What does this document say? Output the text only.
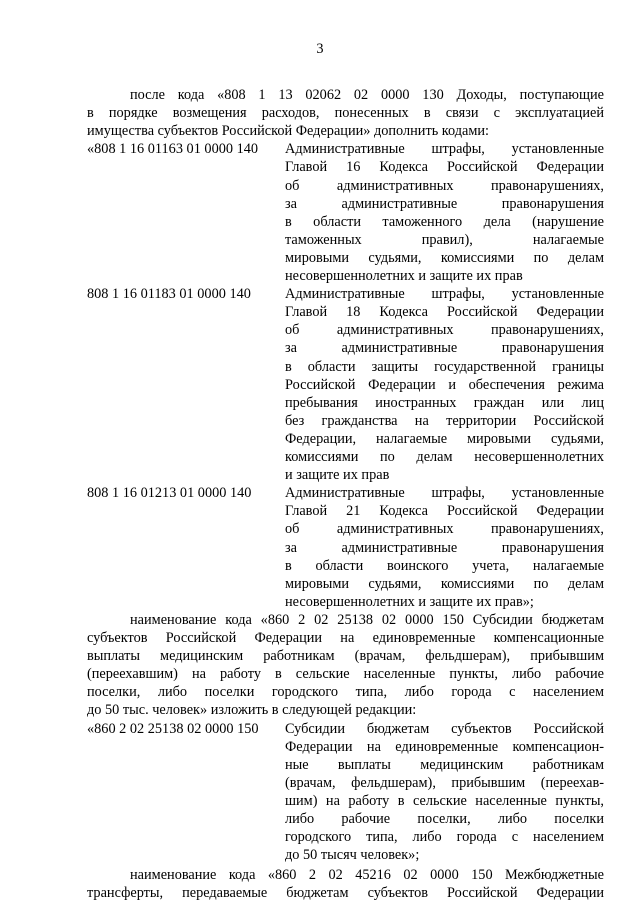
3
после кода «808 1 13 02062 02 0000 130 Доходы, поступающие
в порядке возмещения расходов, понесенных в связи с эксплуатацией
имущества субъектов Российской Федерации» дополнить кодами:
«808 1 16 01163 01 0000 140	Административные штрафы, установленные
Главой 16 Кодекса Российской Федерации
об административных правонарушениях,
за административные правонарушения
в области таможенного дела (нарушение
таможенных правил), налагаемые
мировыми судьями, комиссиями по делам
несовершеннолетних и защите их прав
808 1 16 01183 01 0000 140	Административные штрафы, установленные
Главой 18 Кодекса Российской Федерации
об административных правонарушениях,
за административные правонарушения
в области защиты государственной границы
Российской Федерации и обеспечения режима
пребывания иностранных граждан или лиц
без гражданства на территории Российской
Федерации, налагаемые мировыми судьями,
комиссиями по делам несовершеннолетних
и защите их прав
808 1 16 01213 01 0000 140	Административные штрафы, установленные
Главой 21 Кодекса Российской Федерации
об административных правонарушениях,
за административные правонарушения
в области воинского учета, налагаемые
мировыми судьями, комиссиями по делам
несовершеннолетних и защите их прав»;
наименование кода «860 2 02 25138 02 0000 150 Субсидии бюджетам
субъектов Российской Федерации на единовременные компенсационные
выплаты медицинским работникам (врачам, фельдшерам), прибывшим
(переехавшим) на работу в сельские населенные пункты, либо рабочие
поселки, либо поселки городского типа, либо города с населением
до 50 тыс. человек» изложить в следующей редакции:
«860 2 02 25138 02 0000 150	Субсидии бюджетам субъектов Российской
Федерации на единовременные компенсацион-
ные выплаты медицинским работникам
(врачам, фельдшерам), прибывшим (переехав-
шим) на работу в сельские населенные пункты,
либо рабочие поселки, либо поселки
городского типа, либо города с населением
до 50 тысяч человек»;
наименование кода «860 2 02 45216 02 0000 150 Межбюджетные
трансферты, передаваемые бюджетам субъектов Российской Федерации
